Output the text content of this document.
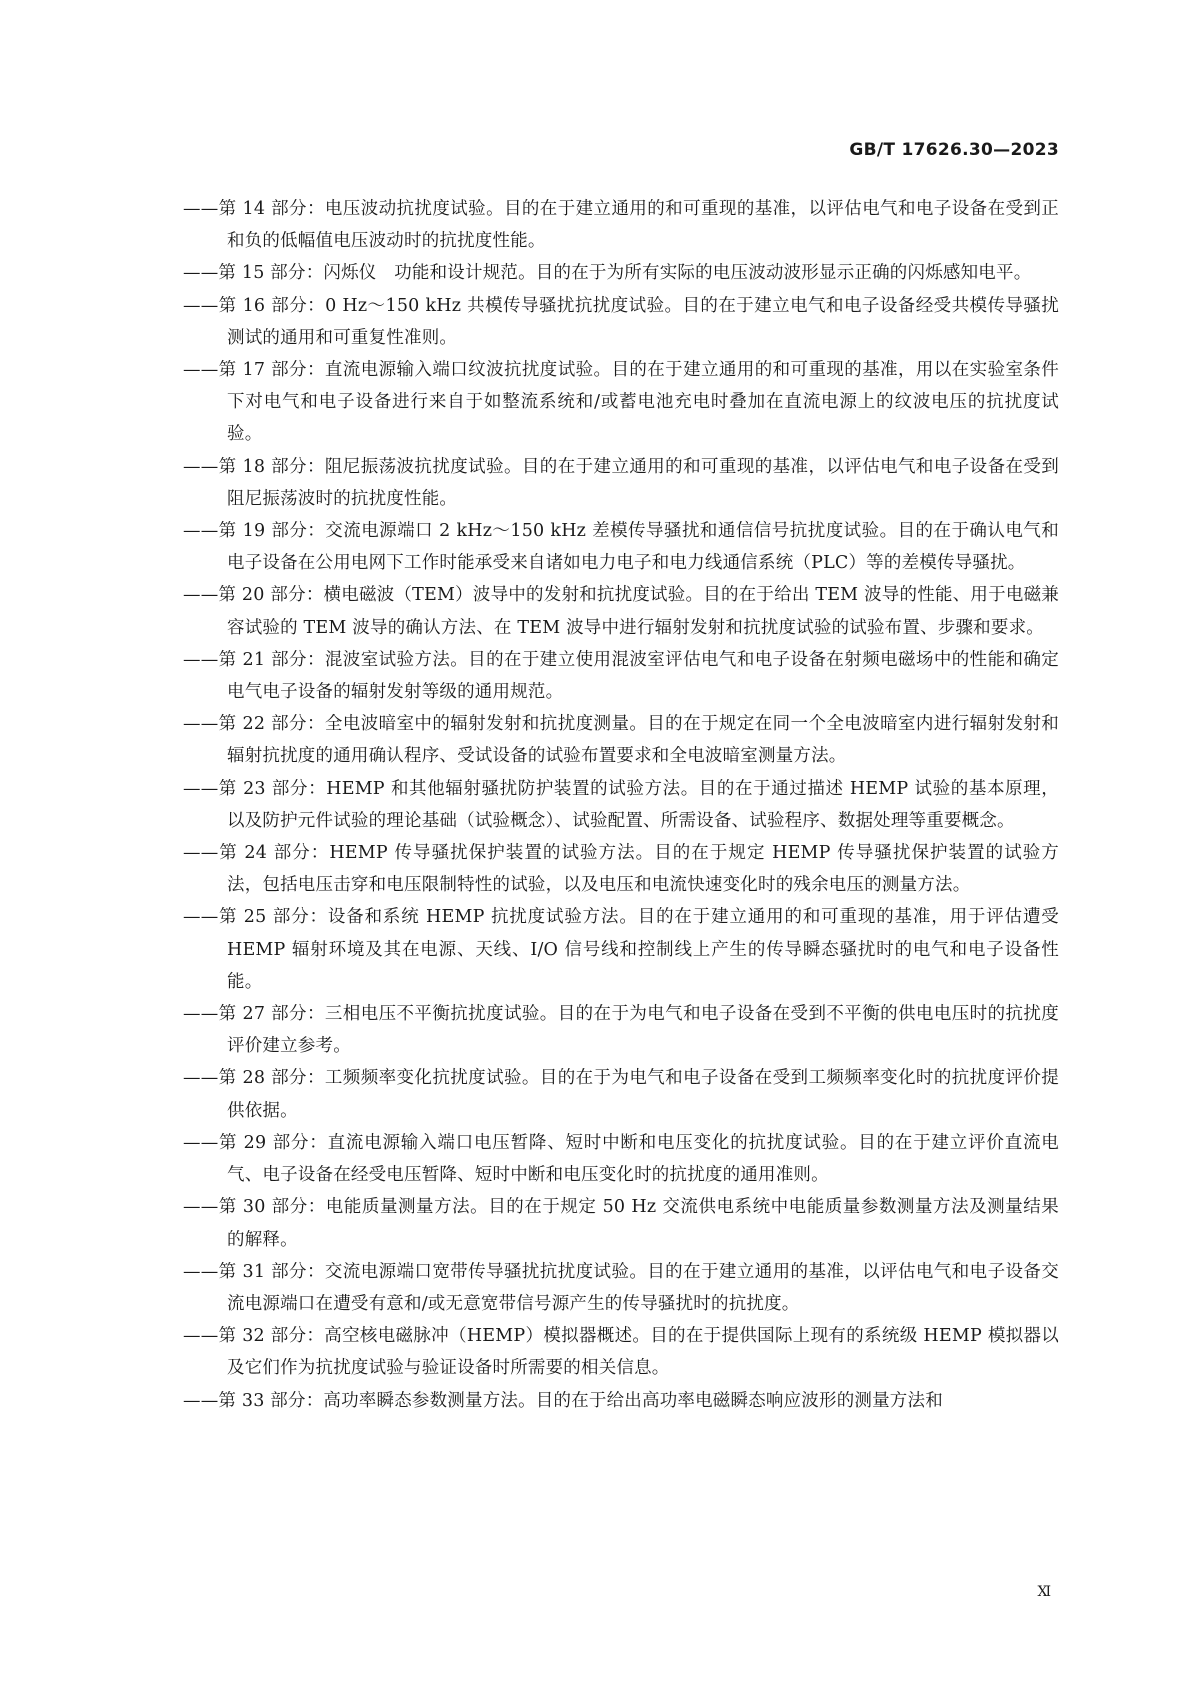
GB/T 17626.30—2023
——第 14 部分：电压波动抗扰度试验。目的在于建立通用的和可重现的基准，以评估电气和电子设备在受到正和负的低幅值电压波动时的抗扰度性能。
——第 15 部分：闪烁仪　功能和设计规范。目的在于为所有实际的电压波动波形显示正确的闪烁感知电平。
——第 16 部分：0 Hz～150 kHz 共模传导骚扰抗扰度试验。目的在于建立电气和电子设备经受共模传导骚扰测试的通用和可重复性准则。
——第 17 部分：直流电源输入端口纹波抗扰度试验。目的在于建立通用的和可重现的基准，用以在实验室条件下对电气和电子设备进行来自于如整流系统和/或蓄电池充电时叠加在直流电源上的纹波电压的抗扰度试验。
——第 18 部分：阻尼振荡波抗扰度试验。目的在于建立通用的和可重现的基准，以评估电气和电子设备在受到阻尼振荡波时的抗扰度性能。
——第 19 部分：交流电源端口 2 kHz～150 kHz 差模传导骚扰和通信信号抗扰度试验。目的在于确认电气和电子设备在公用电网下工作时能承受来自诸如电力电子和电力线通信系统（PLC）等的差模传导骚扰。
——第 20 部分：横电磁波（TEM）波导中的发射和抗扰度试验。目的在于给出 TEM 波导的性能、用于电磁兼容试验的 TEM 波导的确认方法、在 TEM 波导中进行辐射发射和抗扰度试验的试验布置、步骤和要求。
——第 21 部分：混波室试验方法。目的在于建立使用混波室评估电气和电子设备在射频电磁场中的性能和确定电气电子设备的辐射发射等级的通用规范。
——第 22 部分：全电波暗室中的辐射发射和抗扰度测量。目的在于规定在同一个全电波暗室内进行辐射发射和辐射抗扰度的通用确认程序、受试设备的试验布置要求和全电波暗室测量方法。
——第 23 部分：HEMP 和其他辐射骚扰防护装置的试验方法。目的在于通过描述 HEMP 试验的基本原理，以及防护元件试验的理论基础（试验概念）、试验配置、所需设备、试验程序、数据处理等重要概念。
——第 24 部分：HEMP 传导骚扰保护装置的试验方法。目的在于规定 HEMP 传导骚扰保护装置的试验方法，包括电压击穿和电压限制特性的试验，以及电压和电流快速变化时的残余电压的测量方法。
——第 25 部分：设备和系统 HEMP 抗扰度试验方法。目的在于建立通用的和可重现的基准，用于评估遭受 HEMP 辐射环境及其在电源、天线、I/O 信号线和控制线上产生的传导瞬态骚扰时的电气和电子设备性能。
——第 27 部分：三相电压不平衡抗扰度试验。目的在于为电气和电子设备在受到不平衡的供电电压时的抗扰度评价建立参考。
——第 28 部分：工频频率变化抗扰度试验。目的在于为电气和电子设备在受到工频频率变化时的抗扰度评价提供依据。
——第 29 部分：直流电源输入端口电压暂降、短时中断和电压变化的抗扰度试验。目的在于建立评价直流电气、电子设备在经受电压暂降、短时中断和电压变化时的抗扰度的通用准则。
——第 30 部分：电能质量测量方法。目的在于规定 50 Hz 交流供电系统中电能质量参数测量方法及测量结果的解释。
——第 31 部分：交流电源端口宽带传导骚扰抗扰度试验。目的在于建立通用的基准，以评估电气和电子设备交流电源端口在遭受有意和/或无意宽带信号源产生的传导骚扰时的抗扰度。
——第 32 部分：高空核电磁脉冲（HEMP）模拟器概述。目的在于提供国际上现有的系统级 HEMP 模拟器以及它们作为抗扰度试验与验证设备时所需要的相关信息。
——第 33 部分：高功率瞬态参数测量方法。目的在于给出高功率电磁瞬态响应波形的测量方法和
Ⅺ
